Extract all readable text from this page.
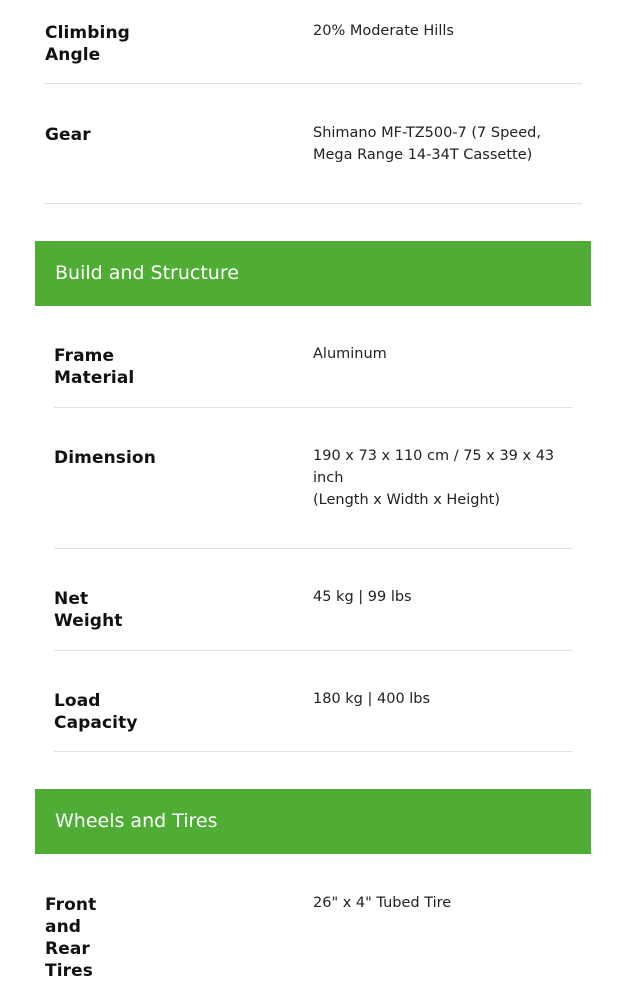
Climbing Angle
20% Moderate Hills
Gear	Shimano MF-TZ500-7 (7 Speed,
Mega Range 14-34T Cassette)
Build and Structure
Frame Material
Aluminum
Dimension	190 x 73 x 110 cm / 75 x 39 x 43
inch
(Length x Width x Height)
Net Weight
45 kg | 99 lbs
Load Capacity
180 kg | 400 lbs
Wheels and Tires
Front and Rear Tires
26" x 4" Tubed Tire
